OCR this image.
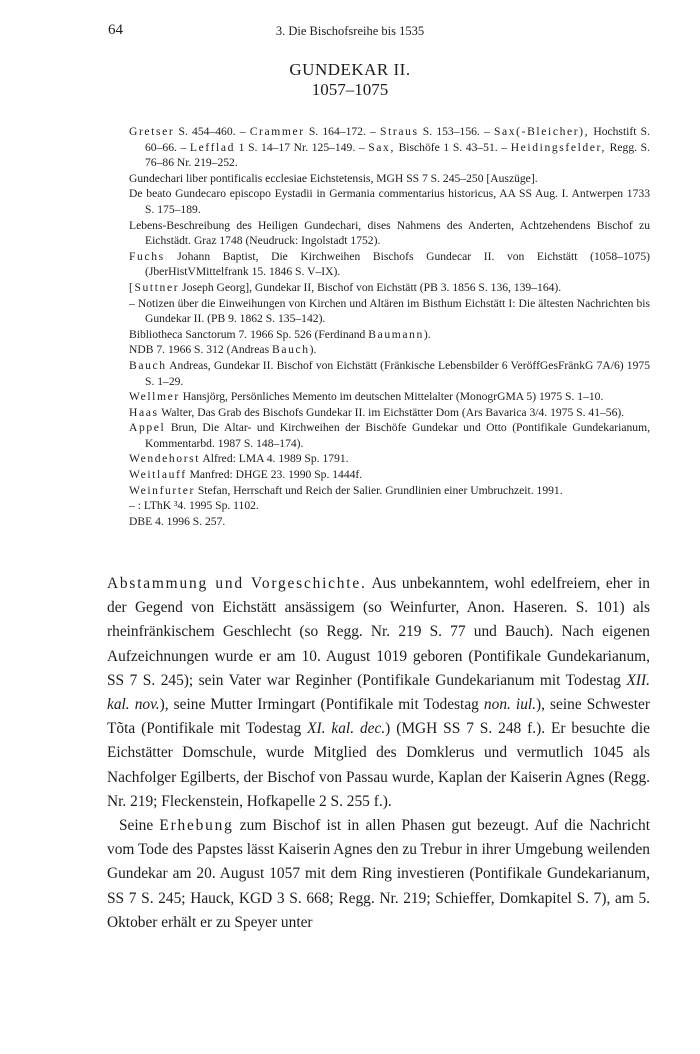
64	3. Die Bischofsreihe bis 1535
GUNDEKAR II.
1057–1075
Gretser S. 454–460. – Crammer S. 164–172. – Straus S. 153–156. – Sax(-Bleicher), Hochstift S. 60–66. – Lefflad 1 S. 14–17 Nr. 125–149. – Sax, Bischöfe 1 S. 43–51. – Heidingsfelder, Regg. S. 76–86 Nr. 219–252.
Gundechari liber pontificalis ecclesiae Eichstetensis, MGH SS 7 S. 245–250 [Auszüge].
De beato Gundecaro episcopo Eystadii in Germania commentarius historicus, AA SS Aug. I. Antwerpen 1733 S. 175–189.
Lebens-Beschreibung des Heiligen Gundechari, dises Nahmens des Anderten, Achtzehendens Bischof zu Eichstädt. Graz 1748 (Neudruck: Ingolstadt 1752).
Fuchs Johann Baptist, Die Kirchweihen Bischofs Gundecar II. von Eichstätt (1058–1075) (JberHistVMittelfrank 15. 1846 S. V–IX).
[Suttner Joseph Georg], Gundekar II, Bischof von Eichstätt (PB 3. 1856 S. 136, 139–164).
– Notizen über die Einweihungen von Kirchen und Altären im Bisthum Eichstätt I: Die ältesten Nachrichten bis Gundekar II. (PB 9. 1862 S. 135–142).
Bibliotheca Sanctorum 7. 1966 Sp. 526 (Ferdinand Baumann).
NDB 7. 1966 S. 312 (Andreas Bauch).
Bauch Andreas, Gundekar II. Bischof von Eichstätt (Fränkische Lebensbilder 6 VeröffGesFränkG 7A/6) 1975 S. 1–29.
Wellmer Hansjörg, Persönliches Memento im deutschen Mittelalter (MonogrGMA 5) 1975 S. 1–10.
Haas Walter, Das Grab des Bischofs Gundekar II. im Eichstätter Dom (Ars Bavarica 3/4. 1975 S. 41–56).
Appel Brun, Die Altar- und Kirchweihen der Bischöfe Gundekar und Otto (Pontifikale Gundekarianum, Kommentarbd. 1987 S. 148–174).
Wendehorst Alfred: LMA 4. 1989 Sp. 1791.
Weitlauff Manfred: DHGE 23. 1990 Sp. 1444f.
Weinfurter Stefan, Herrschaft und Reich der Salier. Grundlinien einer Umbruchzeit. 1991.
– : LThK ³4. 1995 Sp. 1102.
DBE 4. 1996 S. 257.

Abstammung und Vorgeschichte. Aus unbekanntem, wohl edelfreiem, eher in der Gegend von Eichstätt ansässigem (so Weinfurter, Anon. Haseren. S. 101) als rheinfränkischem Geschlecht (so Regg. Nr. 219 S. 77 und Bauch). Nach eigenen Aufzeichnungen wurde er am 10. August 1019 geboren (Pontifikale Gundekarianum, SS 7 S. 245); sein Vater war Reginher (Pontifikale Gundekarianum mit Todestag XII. kal. nov.), seine Mutter Irmingart (Pontifikale mit Todestag non. iul.), seine Schwester Tõta (Pontifikale mit Todestag XI. kal. dec.) (MGH SS 7 S. 248 f.). Er besuchte die Eichstätter Domschule, wurde Mitglied des Domklerus und vermutlich 1045 als Nachfolger Egilberts, der Bischof von Passau wurde, Kaplan der Kaiserin Agnes (Regg. Nr. 219; Fleckenstein, Hofkapelle 2 S. 255 f.).

Seine Erhebung zum Bischof ist in allen Phasen gut bezeugt. Auf die Nachricht vom Tode des Papstes lässt Kaiserin Agnes den zu Trebur in ihrer Umgebung weilenden Gundekar am 20. August 1057 mit dem Ring investieren (Pontifikale Gundekarianum, SS 7 S. 245; Hauck, KGD 3 S. 668; Regg. Nr. 219; Schieffer, Domkapitel S. 7), am 5. Oktober erhält er zu Speyer unter
